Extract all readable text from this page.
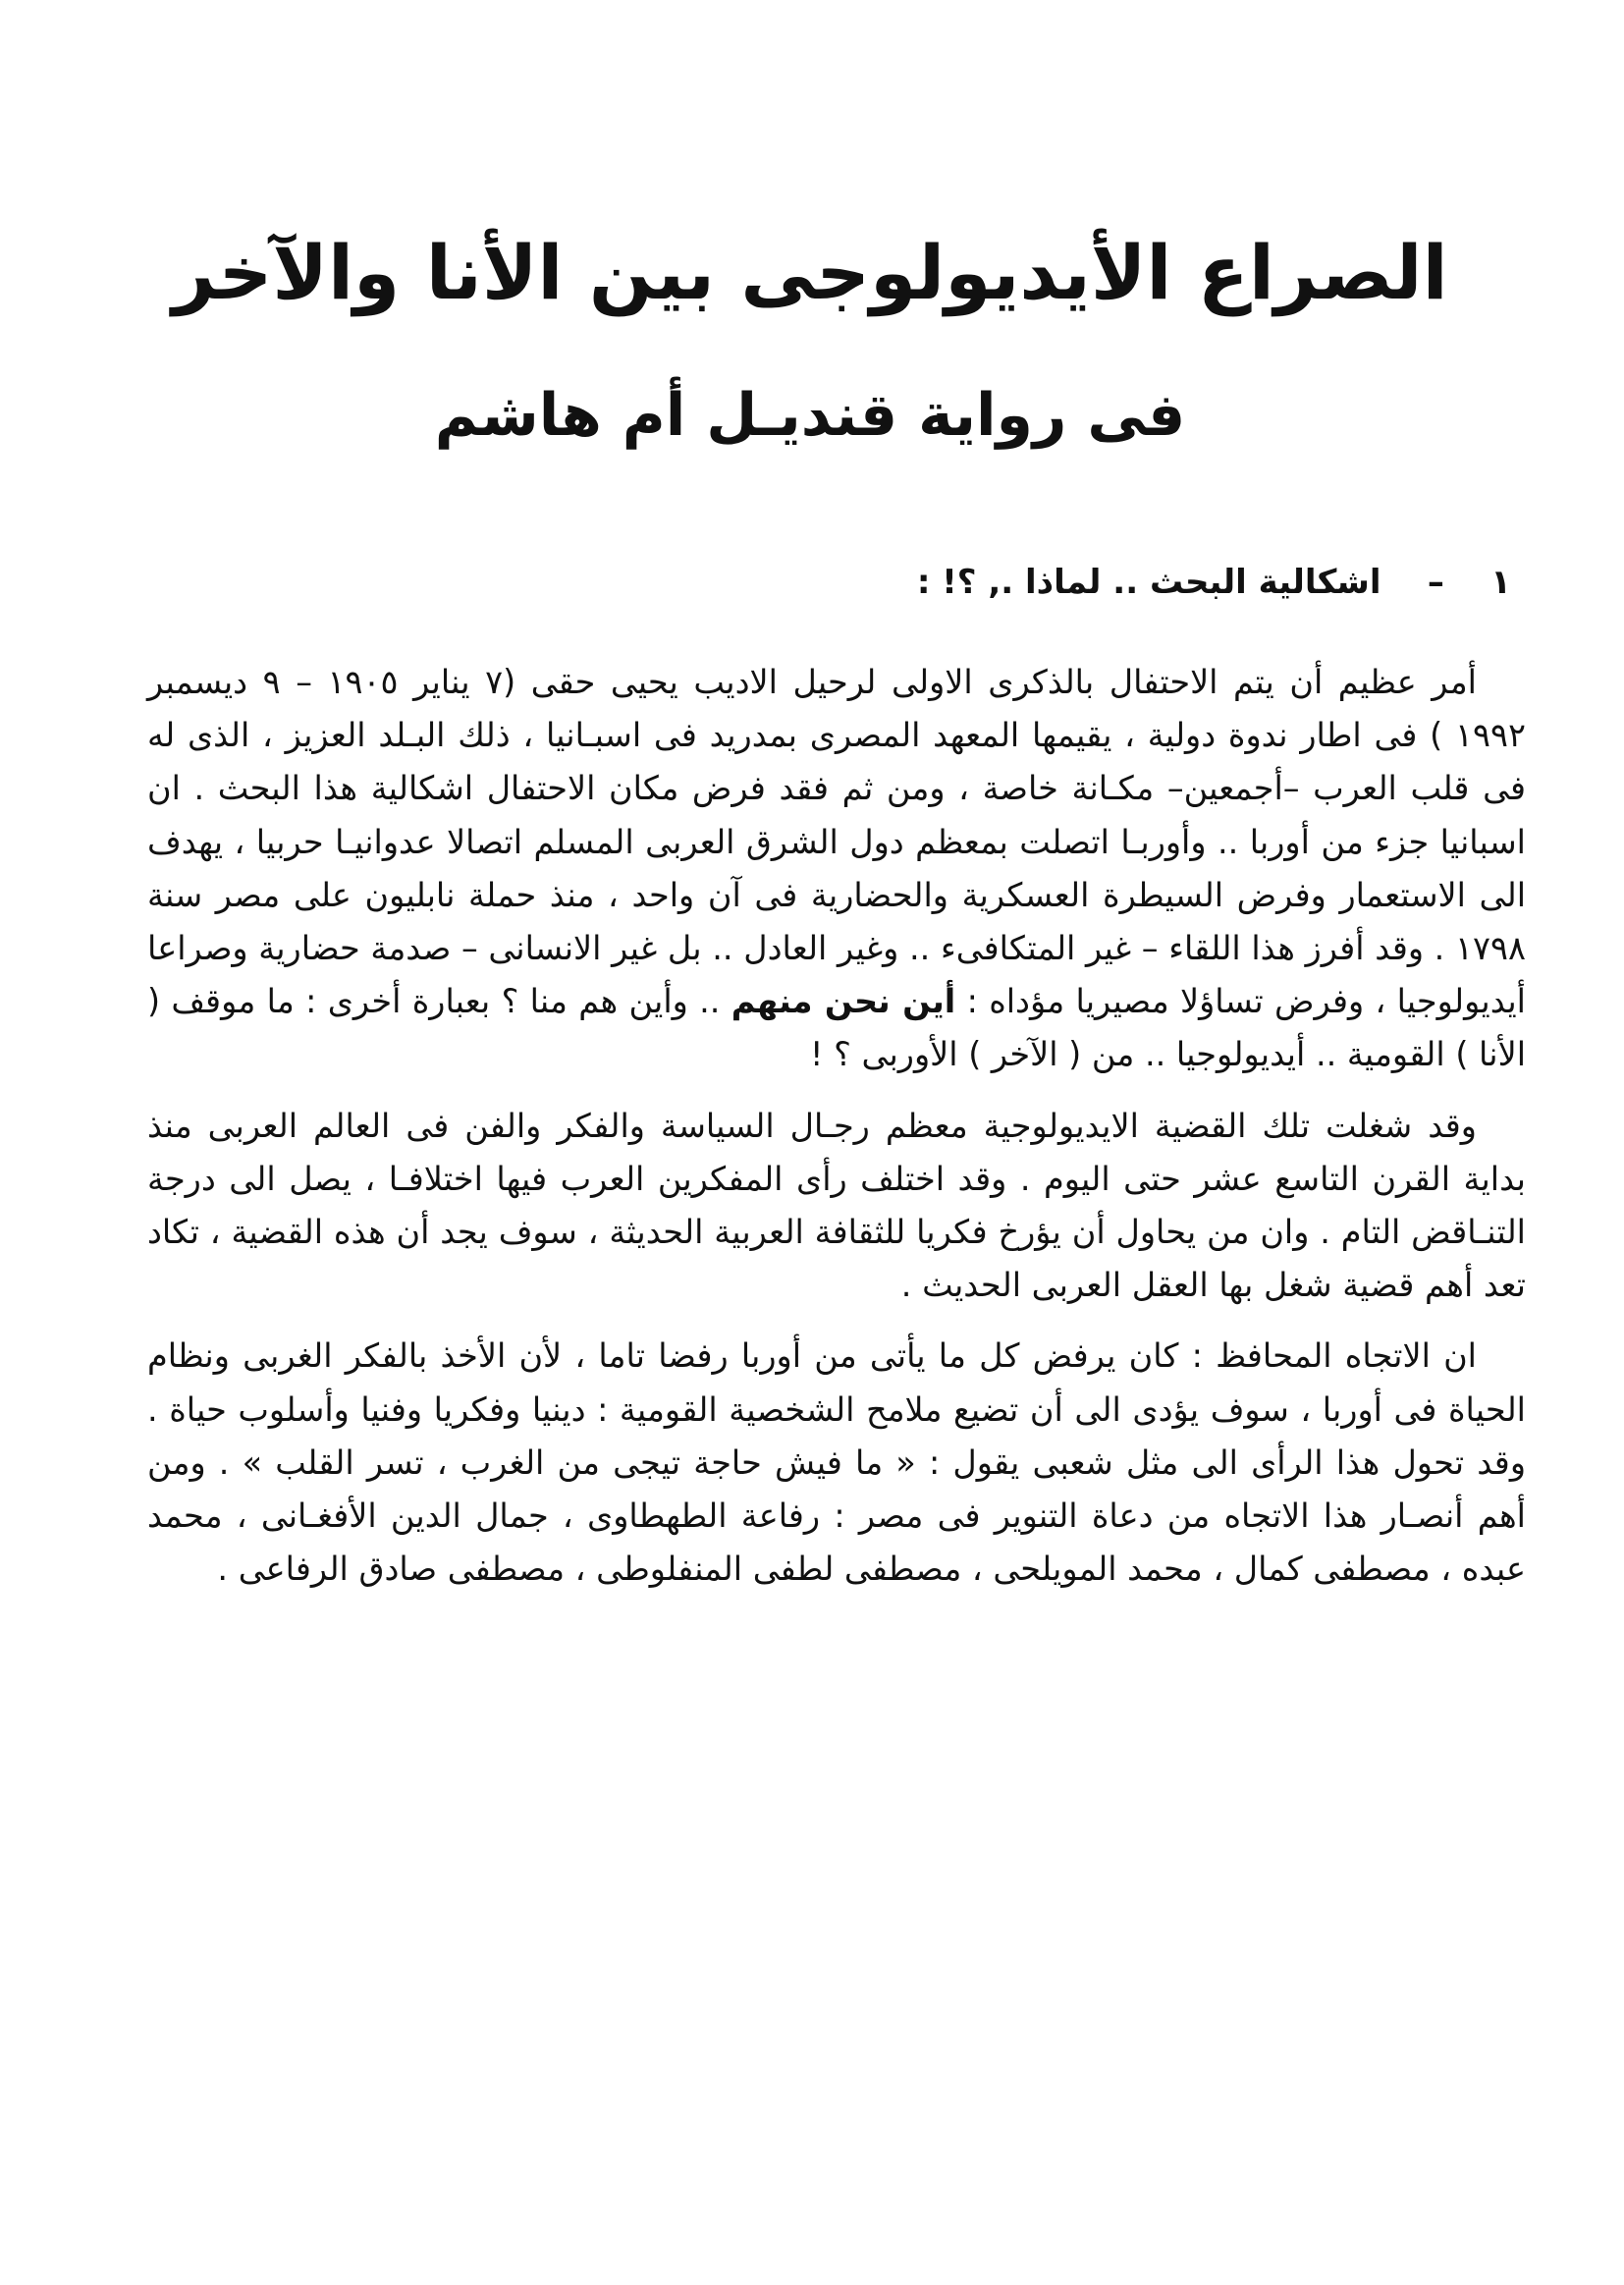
الصراع الأيديولوجى بين الأنا والآخر
فى رواية قنديـل أم هاشم
١    –    اشكالية البحث .. لماذا ., ؟! :

أمر عظيم أن يتم الاحتفال بالذكرى الاولى لرحيل الاديب يحيى حقى (٧ يناير ١٩٠٥ – ٩ ديسمبر ١٩٩٢ ) فى اطار ندوة دولية ، يقيمها المعهد المصرى بمدريد فى اسبـانيا ، ذلك البـلد العزيز ، الذى له فى قلب العرب –أجمعين– مكـانة خاصة ، ومن ثم فقد فرض مكان الاحتفال اشكالية هذا البحث . ان اسبانيا جزء من أوربا .. وأوربـا اتصلت بمعظم دول الشرق العربى المسلم اتصالا عدوانيـا حربيا ، يهدف الى الاستعمار وفرض السيطرة العسكرية والحضارية فى آن واحد ، منذ حملة نابليون على مصر سنة ١٧٩٨ . وقد أفرز هذا اللقاء – غير المتكافىء .. وغير العادل .. بل غير الانسانى – صدمة حضارية وصراعا أيديولوجيا ، وفرض تساؤلا مصيريا مؤداه : أين نحن منهم .. وأين هم منا ؟ بعبارة أخرى : ما موقف ( الأنا ) القومية .. أيديولوجيا .. من ( الآخر ) الأوربى ؟ !

وقد شغلت تلك القضية الايديولوجية معظم رجـال السياسة والفكر والفن فى العالم العربى منذ بداية القرن التاسع عشر حتى اليوم . وقد اختلف رأى المفكرين العرب فيها اختلافـا ، يصل الى درجة التنـاقض التام . وان من يحاول أن يؤرخ فكريا للثقافة العربية الحديثة ، سوف يجد أن هذه القضية ، تكاد تعد أهم قضية شغل بها العقل العربى الحديث .

ان الاتجاه المحافظ : كان يرفض كل ما يأتى من أوربا رفضا تاما ، لأن الأخذ بالفكر الغربى ونظام الحياة فى أوربا ، سوف يؤدى الى أن تضيع ملامح الشخصية القومية : دينيا وفكريا وفنيا وأسلوب حياة . وقد تحول هذا الرأى الى مثل شعبى يقول : « ما فيش حاجة تيجى من الغرب ، تسر القلب » . ومن أهم أنصـار هذا الاتجاه من دعاة التنوير فى مصر : رفاعة الطهطاوى ، جمال الدين الأفغـانى ، محمد عبده ، مصطفى كمال ، محمد المويلحى ، مصطفى لطفى المنفلوطى ، مصطفى صادق الرفاعى .
